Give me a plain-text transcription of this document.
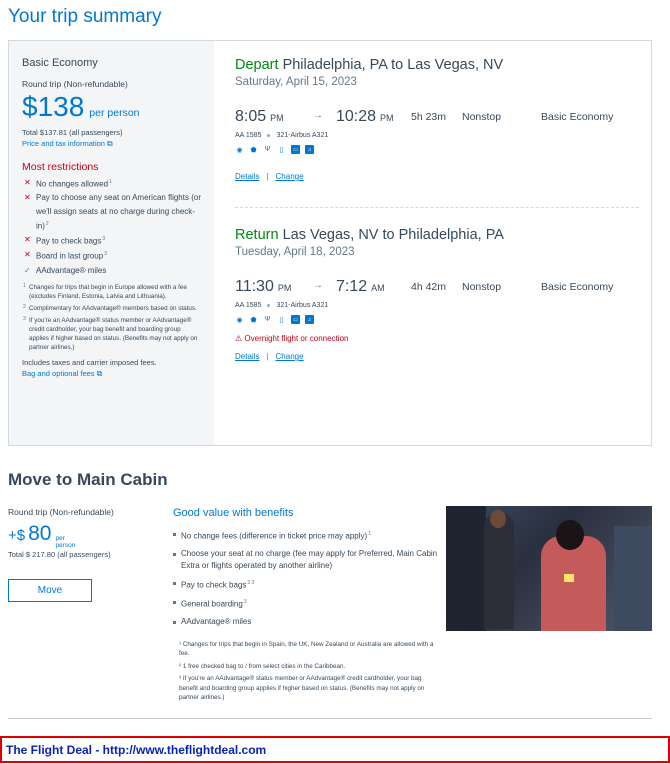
Your trip summary
Basic Economy
Round trip (Non-refundable)
$138 per person
Total $137.81 (all passengers)
Price and tax information ⧉
Most restrictions
✕ No changes allowed$^1$
✕ Pay to choose any seat on American flights (or we'll assign seats at no charge during check-in)$^2$
✕ Pay to check bags$^3$
✕ Board in last group$^3$
✓ AAdvantage® miles

1 Changes for trips that begin in Europe allowed with a fee (excludes Finland, Estonia, Latvia and Lithuania).

2 Complimentary for AAdvantage® members based on status.

3 If you're an AAdvantage® status member or AAdvantage® credit cardholder, your bag benefit and boarding group applies if higher based on status. (Benefits may not apply on partner airlines.)

Includes taxes and carrier imposed fees.
Bag and optional fees ⧉
Depart Philadelphia, PA to Las Vegas, NV
Saturday, April 15, 2023
8:05 PM	→ 10:28 PM 5h 23m Nonstop	Basic Economy
AA 1585 321-Airbus A321
◉ ⬟ Ψ	▯	▭	♫
Details | Change
Return Las Vegas, NV to Philadelphia, PA
Tuesday, April 18, 2023
11:30 PM → 7:12 AM	4h 42m Nonstop	Basic Economy
AA 1585 321-Airbus A321
◉ ⬟ Ψ	▯	▭	♫
⚠ Overnight flight or connection
Details | Change
Move to Main Cabin
Round trip (Non-refundable)
+$ 80 per person
Total $ 217.80 (all passengers)
Move
Good value with benefits
No change fees (difference in ticket price may apply)$^1$
Choose your seat at no charge (fee may apply for Preferred, Main Cabin Extra or flights operated by another airline)
Pay to check bags$^{2 3}$
General boarding$^3$
AAdvantage® miles

¹ Changes for trips that begin in Spain, the UK, New Zealand or Australia are allowed with a fee.

² 1 free checked bag to / from select cities in the Caribbean.

³ If you're an AAdvantage® status member or AAdvantage® credit cardholder, your bag benefit and boarding group applies if higher based on status. (Benefits may not apply on partner airlines.)

The Flight Deal - http://www.theflightdeal.com
